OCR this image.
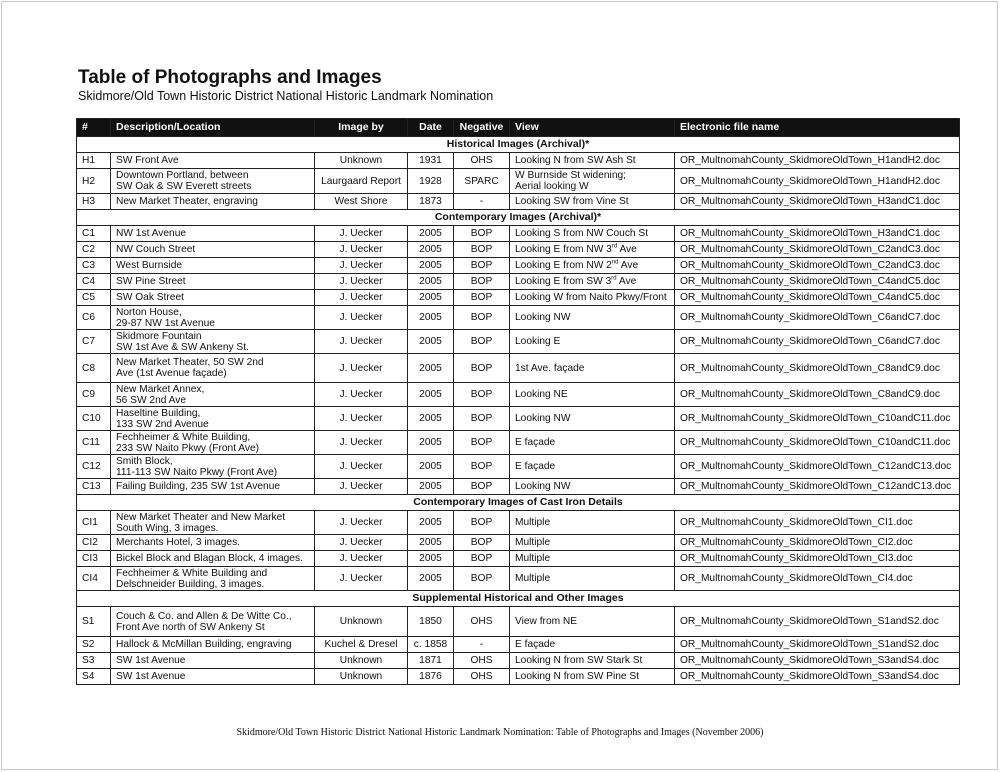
Table of Photographs and Images
Skidmore/Old Town Historic District National Historic Landmark Nomination
#	Description/Location	Image by	Date	Negative	View	Electronic file name
Historical Images (Archival)*						
H1	SW Front Ave	Unknown	1931	OHS	Looking N from SW Ash St	OR_MultnomahCounty_SkidmoreOldTown_H1andH2.doc
H2	Downtown Portland, between
SW Oak & SW Everett streets	Laurgaard Report	1928	SPARC	W Burnside St widening;
Aerial looking W	OR_MultnomahCounty_SkidmoreOldTown_H1andH2.doc
H3	New Market Theater, engraving	West Shore	1873	-	Looking SW from Vine St	OR_MultnomahCounty_SkidmoreOldTown_H3andC1.doc
Contemporary Images (Archival)*						
C1	NW 1st Avenue	J. Uecker	2005	BOP	Looking S from NW Couch St	OR_MultnomahCounty_SkidmoreOldTown_H3andC1.doc
C2	NW Couch Street	J. Uecker	2005	BOP	Looking E from NW 3rd Ave	OR_MultnomahCounty_SkidmoreOldTown_C2andC3.doc
C3	West Burnside	J. Uecker	2005	BOP	Looking E from NW 2nd Ave	OR_MultnomahCounty_SkidmoreOldTown_C2andC3.doc
C4	SW Pine Street	J. Uecker	2005	BOP	Looking E from SW 3rd Ave	OR_MultnomahCounty_SkidmoreOldTown_C4andC5.doc
C5	SW Oak Street	J. Uecker	2005	BOP	Looking W from Naito Pkwy/Front	OR_MultnomahCounty_SkidmoreOldTown_C4andC5.doc
C6	Norton House,
29-87 NW 1st Avenue	J. Uecker	2005	BOP	Looking NW	OR_MultnomahCounty_SkidmoreOldTown_C6andC7.doc
C7	Skidmore Fountain
SW 1st Ave & SW Ankeny St.	J. Uecker	2005	BOP	Looking E	OR_MultnomahCounty_SkidmoreOldTown_C6andC7.doc
C8	New Market Theater, 50 SW 2nd
Ave (1st Avenue façade)	J. Uecker	2005	BOP	1st Ave. façade	OR_MultnomahCounty_SkidmoreOldTown_C8andC9.doc
C9	New Market Annex,
56 SW 2nd Ave	J. Uecker	2005	BOP	Looking NE	OR_MultnomahCounty_SkidmoreOldTown_C8andC9.doc
C10	Haseltine Building,
133 SW 2nd Avenue	J. Uecker	2005	BOP	Looking NW	OR_MultnomahCounty_SkidmoreOldTown_C10andC11.doc
C11	Fechheimer & White Building,
233 SW Naito Pkwy (Front Ave)	J. Uecker	2005	BOP	E façade	OR_MultnomahCounty_SkidmoreOldTown_C10andC11.doc
C12	Smith Block,
111-113 SW Naito Pkwy (Front Ave)	J. Uecker	2005	BOP	E façade	OR_MultnomahCounty_SkidmoreOldTown_C12andC13.doc
C13	Failing Building, 235 SW 1st Avenue	J. Uecker	2005	BOP	Looking NW	OR_MultnomahCounty_SkidmoreOldTown_C12andC13.doc
Contemporary Images of Cast Iron Details						
CI1	New Market Theater and New Market
South Wing, 3 images.	J. Uecker	2005	BOP	Multiple	OR_MultnomahCounty_SkidmoreOldTown_CI1.doc
CI2	Merchants Hotel, 3 images.	J. Uecker	2005	BOP	Multiple	OR_MultnomahCounty_SkidmoreOldTown_CI2.doc
CI3	Bickel Block and Blagan Block, 4 images.	J. Uecker	2005	BOP	Multiple	OR_MultnomahCounty_SkidmoreOldTown_CI3.doc
CI4	Fechheimer & White Building and
Delschneider Building, 3 images.	J. Uecker	2005	BOP	Multiple	OR_MultnomahCounty_SkidmoreOldTown_CI4.doc
Supplemental Historical and Other Images						
S1	Couch & Co. and Allen & De Witte Co.,
Front Ave north of SW Ankeny St	Unknown	1850	OHS	View from NE	OR_MultnomahCounty_SkidmoreOldTown_S1andS2.doc
S2	Hallock & McMillan Building, engraving	Kuchel & Dresel	c. 1858	-	E façade	OR_MultnomahCounty_SkidmoreOldTown_S1andS2.doc
S3	SW 1st Avenue	Unknown	1871	OHS	Looking N from SW Stark St	OR_MultnomahCounty_SkidmoreOldTown_S3andS4.doc
S4	SW 1st Avenue	Unknown	1876	OHS	Looking N from SW Pine St	OR_MultnomahCounty_SkidmoreOldTown_S3andS4.doc
Skidmore/Old Town Historic District National Historic Landmark Nomination: Table of Photographs and Images (November 2006)
